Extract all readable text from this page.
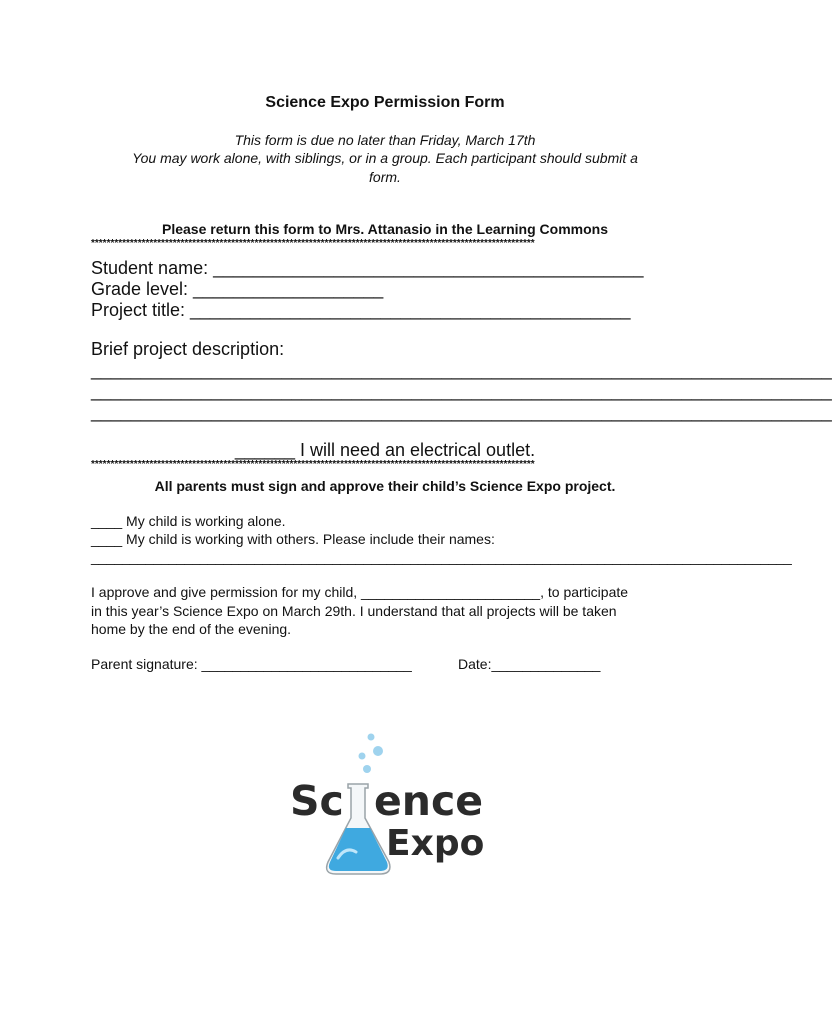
Science Expo Permission Form
This form is due no later than Friday, March 17th
You may work alone, with siblings, or in a group. Each participant should submit a
form.
Please return this form to Mrs. Attanasio in the Learning Commons
******************************************************************************************************************
Student name: ___________________________________________
Grade level: ___________________
Project title: ____________________________________________
Brief project description:
__________________________________________________________________________
__________________________________________________________________________
__________________________________________________________________________
______ I will need an electrical outlet.
******************************************************************************************************************
All parents must sign and approve their child’s Science Expo project.
____ My child is working alone.
____ My child is working with others. Please include their names:
__________________________________________________________________________________________
I approve and give permission for my child, _______________________, to participate
in this year’s Science Expo on March 29th. I understand that all projects will be taken
home by the end of the evening.
Parent signature: ___________________________	Date:______________
Sc ence
Expo
